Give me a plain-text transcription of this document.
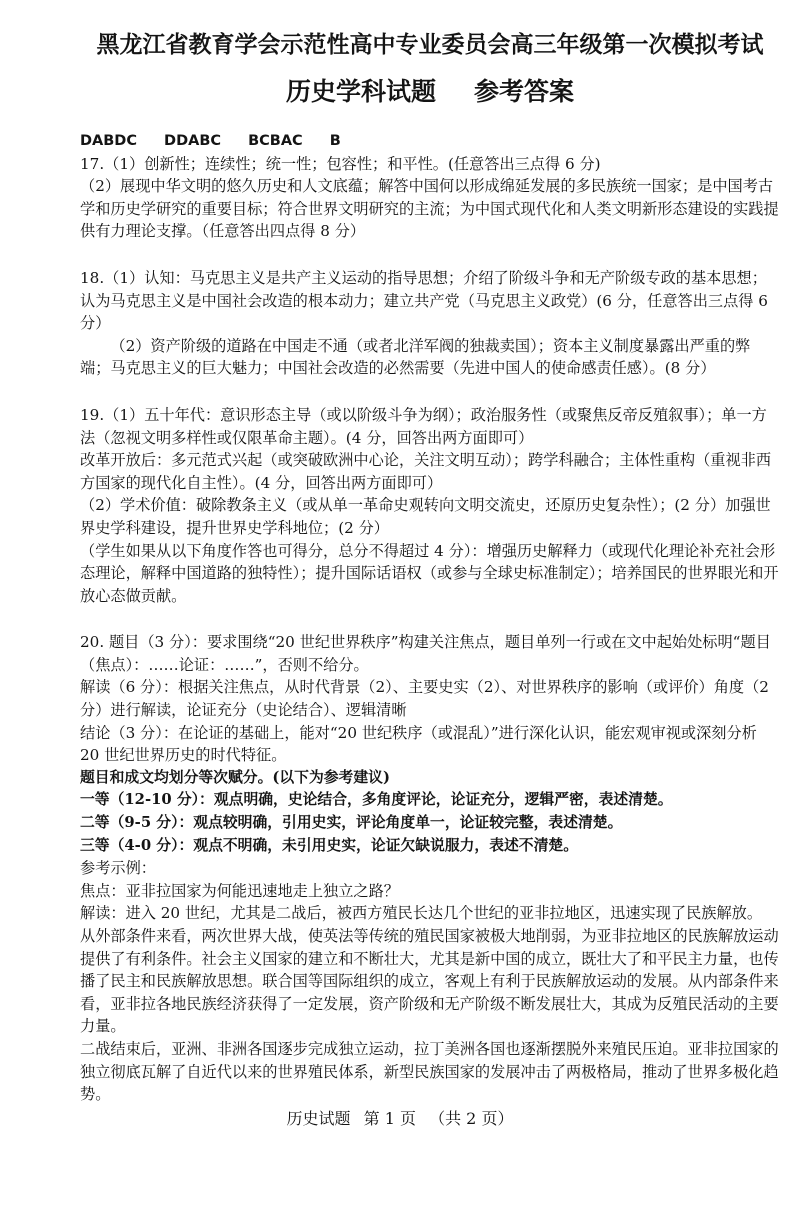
黑龙江省教育学会示范性高中专业委员会高三年级第一次模拟考试
历史学科试题 参考答案

DABDC DDABC BCBAC B

17.（1）创新性；连续性；统一性；包容性；和平性。(任意答出三点得 6 分)

（2）展现中华文明的悠久历史和人文底蕴；解答中国何以形成绵延发展的多民族统一国家；是中国考古学和历史学研究的重要目标；符合世界文明研究的主流；为中国式现代化和人类文明新形态建设的实践提供有力理论支撑。（任意答出四点得 8 分）

18.（1）认知：马克思主义是共产主义运动的指导思想；介绍了阶级斗争和无产阶级专政的基本思想；认为马克思主义是中国社会改造的根本动力；建立共产党（马克思主义政党）(6 分，任意答出三点得 6 分）

（2）资产阶级的道路在中国走不通（或者北洋军阀的独裁卖国）；资本主义制度暴露出严重的弊端；马克思主义的巨大魅力；中国社会改造的必然需要（先进中国人的使命感责任感）。(8 分）

19.（1）五十年代：意识形态主导（或以阶级斗争为纲）；政治服务性（或聚焦反帝反殖叙事）；单一方法（忽视文明多样性或仅限革命主题）。(4 分，回答出两方面即可）

改革开放后：多元范式兴起（或突破欧洲中心论，关注文明互动）；跨学科融合；主体性重构（重视非西方国家的现代化自主性）。(4 分，回答出两方面即可）

（2）学术价值：破除教条主义（或从单一革命史观转向文明交流史，还原历史复杂性）；(2 分）加强世界史学科建设，提升世界史学科地位；(2 分）

（学生如果从以下角度作答也可得分，总分不得超过 4 分）：增强历史解释力（或现代化理论补充社会形态理论，解释中国道路的独特性）；提升国际话语权（或参与全球史标准制定）；培养国民的世界眼光和开放心态做贡献。

20. 题目（3 分）：要求围绕“20 世纪世界秩序”构建关注焦点，题目单列一行或在文中起始处标明“题目（焦点）：……论证：……”，否则不给分。

解读（6 分）：根据关注焦点，从时代背景（2）、主要史实（2）、对世界秩序的影响（或评价）角度（2 分）进行解读，论证充分（史论结合）、逻辑清晰

结论（3 分）：在论证的基础上，能对“20 世纪秩序（或混乱）”进行深化认识，能宏观审视或深刻分析 20 世纪世界历史的时代特征。

题目和成文均划分等次赋分。(以下为参考建议)

一等（12-10 分）：观点明确，史论结合，多角度评论，论证充分，逻辑严密，表述清楚。

二等（9-5 分）：观点较明确，引用史实，评论角度单一，论证较完整，表述清楚。

三等（4-0 分）：观点不明确，未引用史实，论证欠缺说服力，表述不清楚。

参考示例：

焦点：亚非拉国家为何能迅速地走上独立之路？

解读：进入 20 世纪，尤其是二战后，被西方殖民长达几个世纪的亚非拉地区，迅速实现了民族解放。

从外部条件来看，两次世界大战，使英法等传统的殖民国家被极大地削弱，为亚非拉地区的民族解放运动提供了有利条件。社会主义国家的建立和不断壮大，尤其是新中国的成立，既壮大了和平民主力量，也传播了民主和民族解放思想。联合国等国际组织的成立，客观上有利于民族解放运动的发展。从内部条件来看，亚非拉各地民族经济获得了一定发展，资产阶级和无产阶级不断发展壮大，其成为反殖民活动的主要力量。

二战结束后，亚洲、非洲各国逐步完成独立运动，拉丁美洲各国也逐渐摆脱外来殖民压迫。亚非拉国家的独立彻底瓦解了自近代以来的世界殖民体系，新型民族国家的发展冲击了两极格局，推动了世界多极化趋势。

历史试题 第 1 页 （共 2 页）
